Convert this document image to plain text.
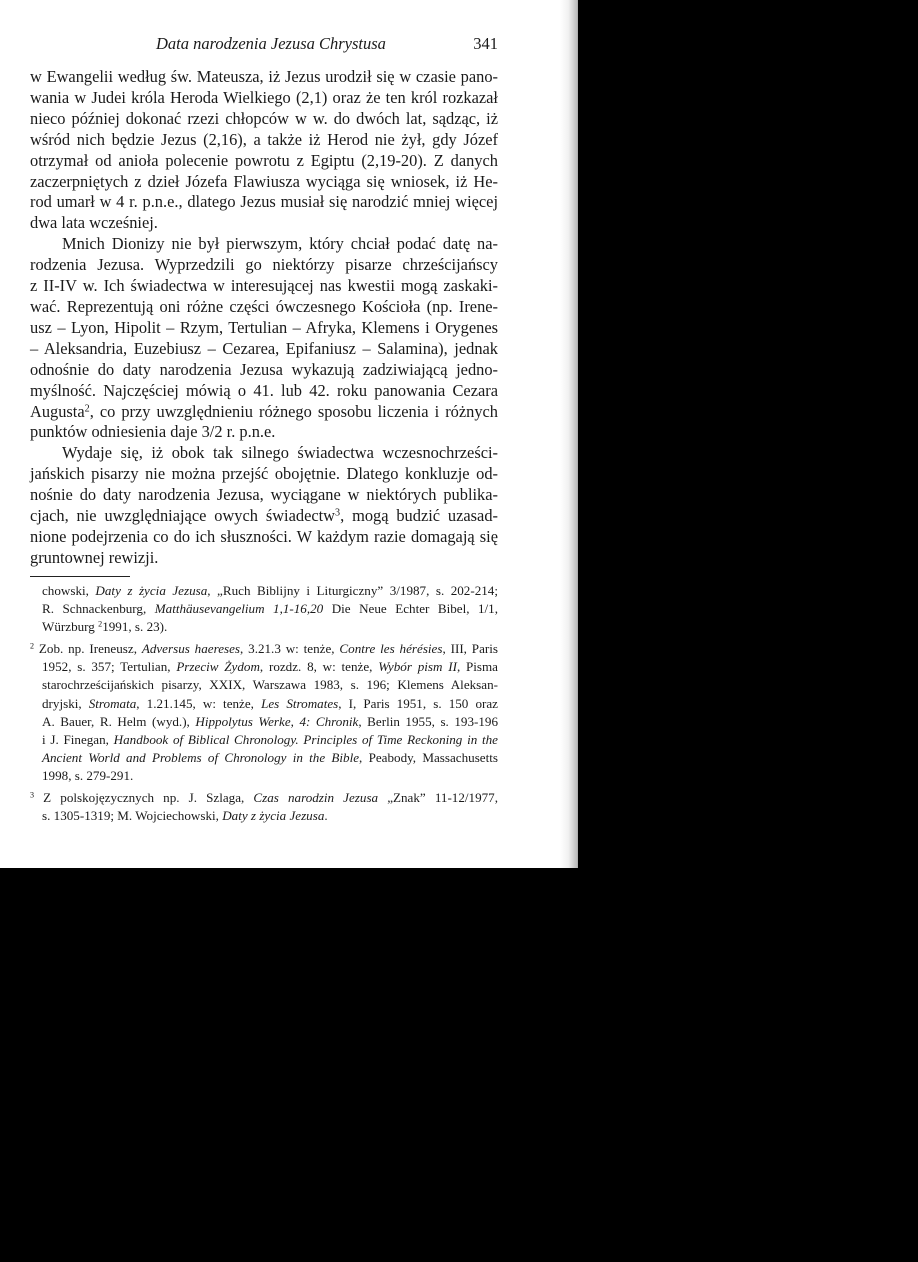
Data narodzenia Jezusa Chrystusa	341
w Ewangelii według św. Mateusza, iż Jezus urodził się w czasie pano-
wania w Judei króla Heroda Wielkiego (2,1) oraz że ten król rozkazał
nieco później dokonać rzezi chłopców w w. do dwóch lat, sądząc, iż
wśród nich będzie Jezus (2,16), a także iż Herod nie żył, gdy Józef
otrzymał od anioła polecenie powrotu z Egiptu (2,19-20). Z danych
zaczerpniętych z dzieł Józefa Flawiusza wyciąga się wniosek, iż He-
rod umarł w 4 r. p.n.e., dlatego Jezus musiał się narodzić mniej więcej
dwa lata wcześniej.
Mnich Dionizy nie był pierwszym, który chciał podać datę na-
rodzenia Jezusa. Wyprzedzili go niektórzy pisarze chrześcijańscy
z II-IV w. Ich świadectwa w interesującej nas kwestii mogą zaskaki-
wać. Reprezentują oni różne części ówczesnego Kościoła (np. Irene-
usz – Lyon, Hipolit – Rzym, Tertulian – Afryka, Klemens i Orygenes
– Aleksandria, Euzebiusz – Cezarea, Epifaniusz – Salamina), jednak
odnośnie do daty narodzenia Jezusa wykazują zadziwiającą jedno-
myślność. Najczęściej mówią o 41. lub 42. roku panowania Cezara
Augusta$^2$, co przy uwzględnieniu różnego sposobu liczenia i różnych
punktów odniesienia daje 3/2 r. p.n.e.
Wydaje się, iż obok tak silnego świadectwa wczesnochrześci-
jańskich pisarzy nie można przejść obojętnie. Dlatego konkluzje od-
nośnie do daty narodzenia Jezusa, wyciągane w niektórych publika-
cjach, nie uwzględniające owych świadectw$^3$, mogą budzić uzasad-
nione podejrzenia co do ich słuszności. W każdym razie domagają się
gruntownej rewizji.
chowski, Daty z życia Jezusa, „Ruch Biblijny i Liturgiczny” 3/1987, s. 202-214;
R. Schnackenburg, Matthäusevangelium 1,1-16,20 Die Neue Echter Bibel, 1/1,
Würzburg $^2$1991, s. 23).
$^2$ Zob. np. Ireneusz, Adversus haereses, 3.21.3 w: tenże, Contre les hérésies, III, Paris
1952, s. 357; Tertulian, Przeciw Żydom, rozdz. 8, w: tenże, Wybór pism II, Pisma
starochrześcijańskich pisarzy, XXIX, Warszawa 1983, s. 196; Klemens Aleksan-
dryjski, Stromata, 1.21.145, w: tenże, Les Stromates, I, Paris 1951, s. 150 oraz
A. Bauer, R. Helm (wyd.), Hippolytus Werke, 4: Chronik, Berlin 1955, s. 193-196
i J. Finegan, Handbook of Biblical Chronology. Principles of Time Reckoning in the
Ancient World and Problems of Chronology in the Bible, Peabody, Massachusetts
1998, s. 279-291.
$^3$ Z polskojęzycznych np. J. Szlaga, Czas narodzin Jezusa „Znak” 11-12/1977,
s. 1305-1319; M. Wojciechowski, Daty z życia Jezusa.
